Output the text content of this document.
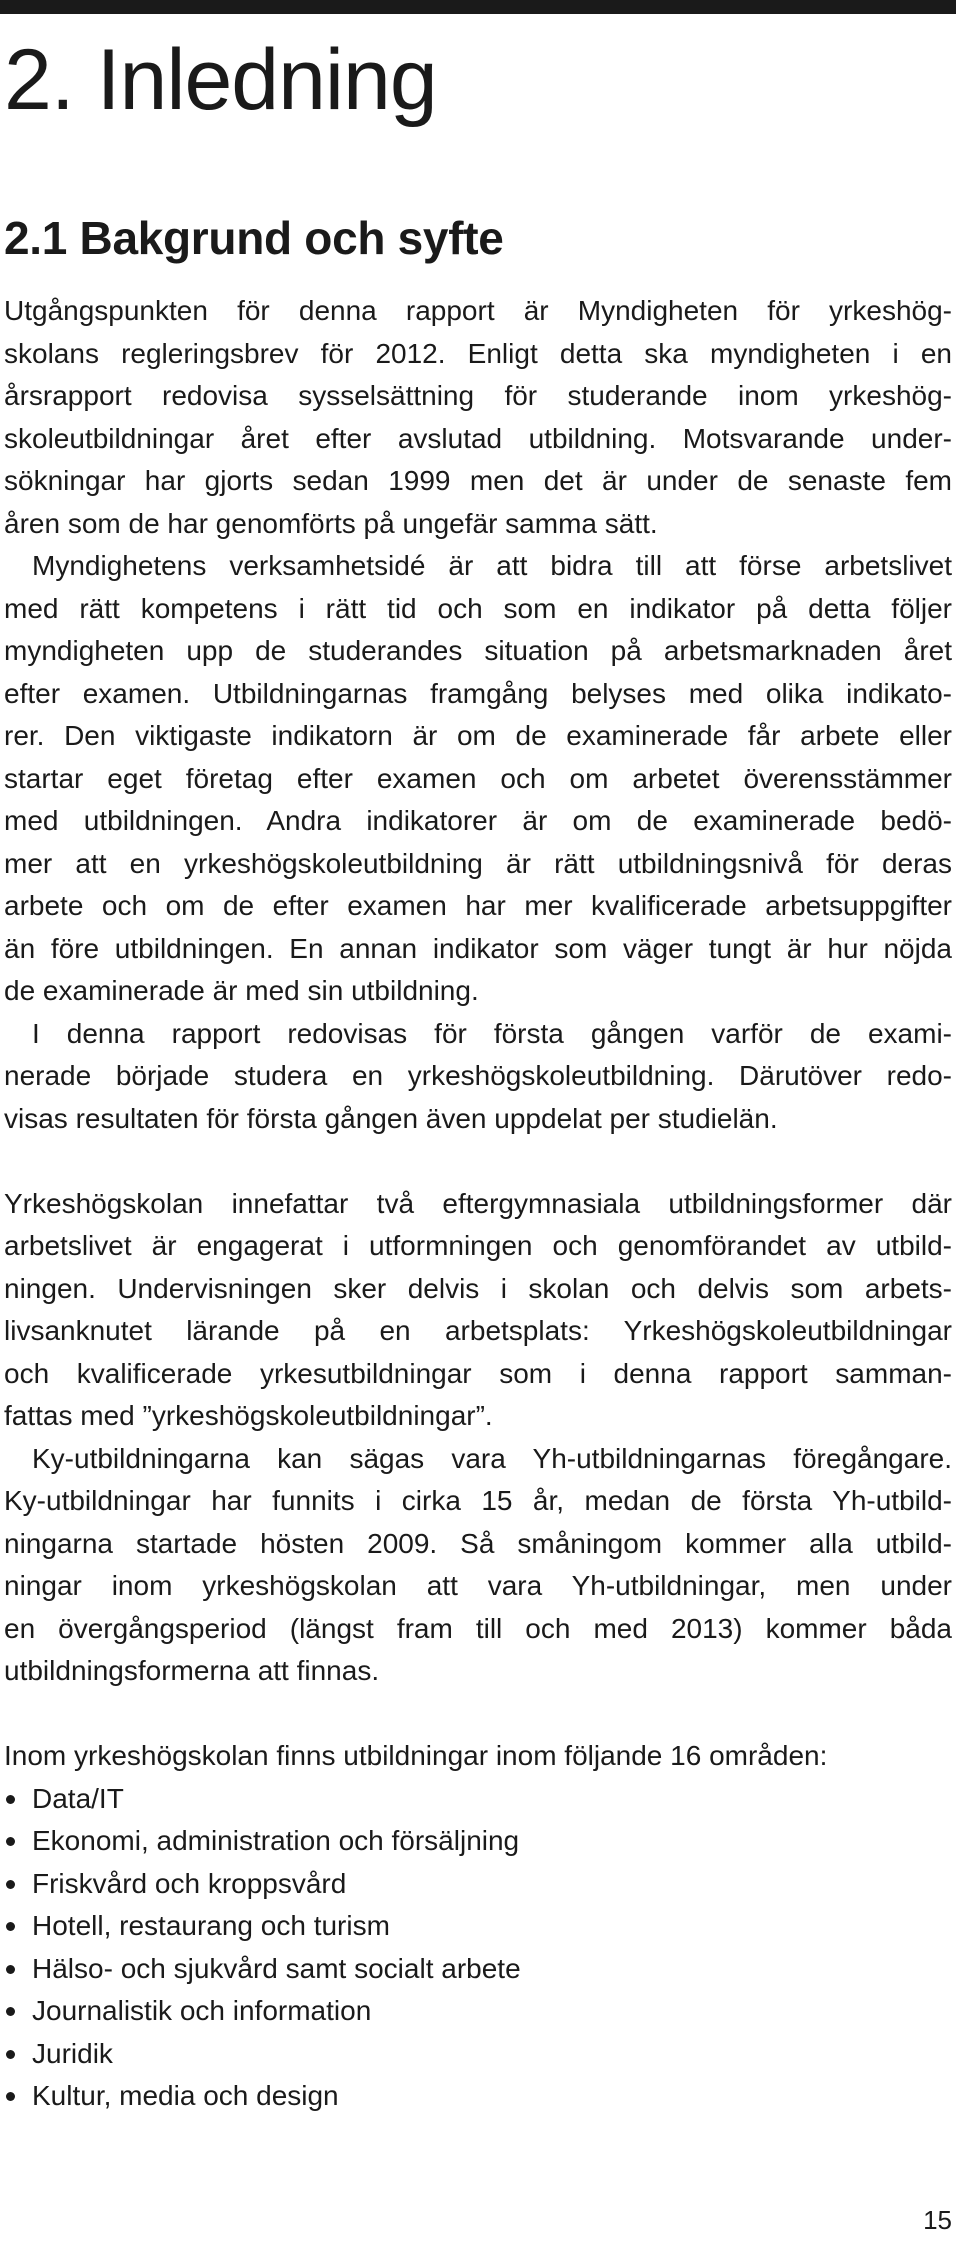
2. Inledning
2.1 Bakgrund och syfte
Utgångspunkten för denna rapport är Myndigheten för yrkeshög-
skolans regleringsbrev för 2012. Enligt detta ska myndigheten i en
årsrapport redovisa sysselsättning för studerande inom yrkeshög-
skoleutbildningar året efter avslutad utbildning. Motsvarande under-
sökningar har gjorts sedan 1999 men det är under de senaste fem
åren som de har genomförts på ungefär samma sätt.
Myndighetens verksamhetsidé är att bidra till att förse arbetslivet
med rätt kompetens i rätt tid och som en indikator på detta följer
myndigheten upp de studerandes situation på arbetsmarknaden året
efter examen. Utbildningarnas framgång belyses med olika indikato-
rer. Den viktigaste indikatorn är om de examinerade får arbete eller
startar eget företag efter examen och om arbetet överensstämmer
med utbildningen. Andra indikatorer är om de examinerade bedö-
mer att en yrkeshögskoleutbildning är rätt utbildningsnivå för deras
arbete och om de efter examen har mer kvalificerade arbetsuppgifter
än före utbildningen. En annan indikator som väger tungt är hur nöjda
de examinerade är med sin utbildning.
I denna rapport redovisas för första gången varför de exami-
nerade började studera en yrkeshögskoleutbildning. Därutöver redo-
visas resultaten för första gången även uppdelat per studielän.
Yrkeshögskolan innefattar två eftergymnasiala utbildningsformer där
arbetslivet är engagerat i utformningen och genomförandet av utbild-
ningen. Undervisningen sker delvis i skolan och delvis som arbets-
livsanknutet lärande på en arbetsplats: Yrkeshögskoleutbildningar
och kvalificerade yrkesutbildningar som i denna rapport samman-
fattas med ”yrkeshögskoleutbildningar”.
Ky-utbildningarna kan sägas vara Yh-utbildningarnas föregångare.
Ky-utbildningar har funnits i cirka 15 år, medan de första Yh-utbild-
ningarna startade hösten 2009. Så småningom kommer alla utbild-
ningar inom yrkeshögskolan att vara Yh-utbildningar, men under
en övergångsperiod (längst fram till och med 2013) kommer båda
utbildningsformerna att finnas.
Inom yrkeshögskolan finns utbildningar inom följande 16 områden:
Data/IT
Ekonomi, administration och försäljning
Friskvård och kroppsvård
Hotell, restaurang och turism
Hälso- och sjukvård samt socialt arbete
Journalistik och information
Juridik
Kultur, media och design
15
